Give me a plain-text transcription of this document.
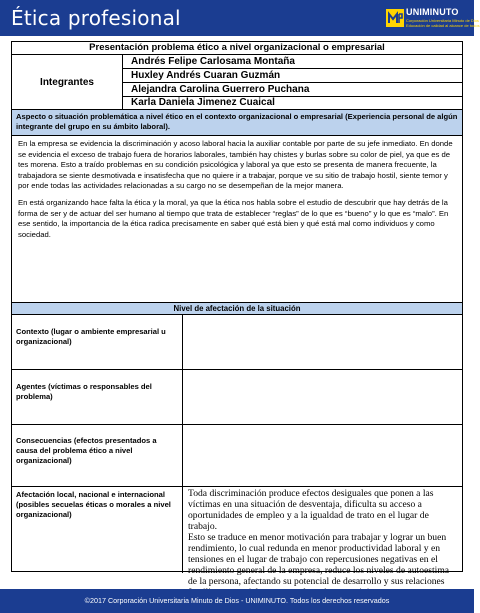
Ética profesional	UNIMINUTO
Corporación Universitaria Minuto de Dios
Educación de calidad al alcance de todos
Presentación problema ético a nivel organizacional o empresarial
Integrantes
Andrés Felipe Carlosama Montaña
Huxley Andrés Cuaran Guzmán
Alejandra Carolina Guerrero Puchana
Karla Daniela Jimenez Cuaical
Aspecto o situación problemática a nivel ético en el contexto organizacional o empresarial (Experiencia personal de algún integrante del grupo en su ámbito laboral).

En la empresa se evidencia la discriminación y acoso laboral hacia la auxiliar contable por parte de su jefe inmediato. En donde se evidencia el exceso de trabajo fuera de horarios laborales, también hay chistes y burlas sobre su color de piel, ya que es de tes morena. Esto a traído problemas en su condición psicológica y laboral ya que esto se presenta de manera frecuente, la trabajadora se siente desmotivada e insatisfecha que no quiere ir a trabajar, porque ve su sitio de trabajo hostil, siente temor y por ende todas las actividades relacionadas a su cargo no se desempeñan de la mejor manera.

En está organizando hace falta la ética y la moral, ya que la ética nos habla sobre el estudio de descubrir que hay detrás de la forma de ser y de actuar del ser humano al tiempo que trata de establecer “reglas” de lo que es “bueno” y lo que es “malo”. En ese sentido, la importancia de la ética radica precisamente en saber qué está bien y qué está mal como individuos y como sociedad.

Nivel de afectación de la situación
Contexto (lugar o ambiente empresarial u organizacional)
Agentes (víctimas o responsables del problema)
Consecuencias (efectos presentados a causa del problema ético a nivel organizacional)
Afectación local, nacional e internacional (posibles secuelas éticas o morales a nivel organizacional)

Toda discriminación produce efectos desiguales que ponen a las víctimas en una situación de desventaja, dificulta su acceso a oportunidades de empleo y a la igualdad de trato en el lugar de trabajo.

Esto se traduce en menor motivación para trabajar y lograr un buen rendimiento, lo cual redunda en menor productividad laboral y en tensiones en el lugar de trabajo con repercusiones negativas en el rendimiento general de la empresa, reduce los niveles de autoestima de la persona, afectando su potencial de desarrollo y sus relaciones

©2017 Corporación Universitaria Minuto de Dios - UNIMINUTO. Todos los derechos reservados
